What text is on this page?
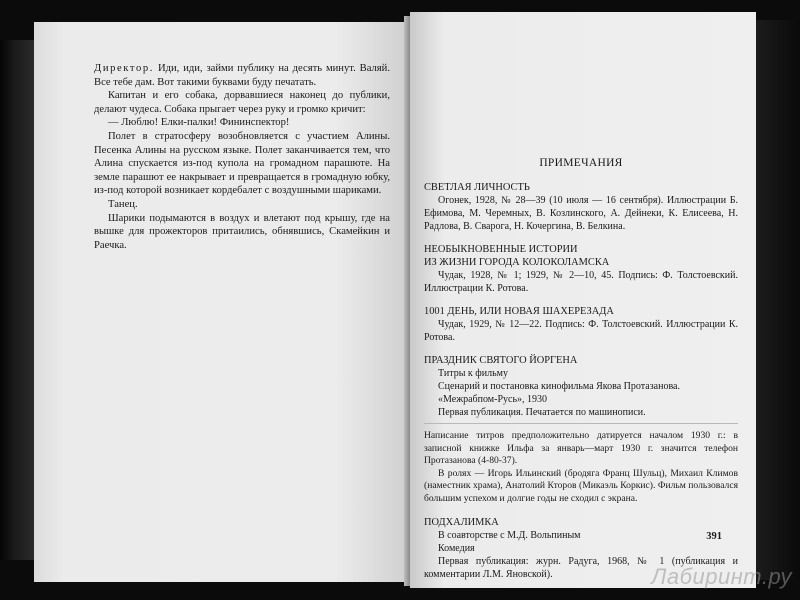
Директор. Иди, иди, займи публику на десять минут. Валяй. Все тебе дам. Вот такими буквами буду печатать.

Капитан и его собака, дорвавшиеся наконец до публики, делают чудеса. Собака прыгает через руку и громко кричит:

— Люблю! Елки-палки! Фининспектор!

Полет в стратосферу возобновляется с участием Алины. Песенка Алины на русском языке. Полет заканчивается тем, что Алина спускается из-под купола на громадном парашюте. На земле парашют ее накрывает и превращается в громадную юбку, из-под которой возникает кордебалет с воздушными шариками.

Танец.

Шарики подымаются в воздух и влетают под крышу, где на вышке для прожекторов притаились, обнявшись, Скамейкин и Раечка.

ПРИМЕЧАНИЯ
СВЕТЛАЯ ЛИЧНОСТЬ

Огонек, 1928, № 28—39 (10 июля — 16 сентября). Иллюстрации Б. Ефимова, М. Черемных, В. Козлинского, А. Дейнеки, К. Елисеева, Н. Радлова, В. Сварога, Н. Кочергина, В. Белкина.

НЕОБЫКНОВЕННЫЕ ИСТОРИИ
ИЗ ЖИЗНИ ГОРОДА КОЛОКОЛАМСКА

Чудак, 1928, № 1; 1929, № 2—10, 45. Подпись: Ф. Толстоевский. Иллюстрации К. Ротова.

1001 ДЕНЬ, ИЛИ НОВАЯ ШАХЕРЕЗАДА

Чудак, 1929, № 12—22. Подпись: Ф. Толстоевский. Иллюстрации К. Ротова.

ПРАЗДНИК СВЯТОГО ЙОРГЕНА

Титры к фильму

Сценарий и постановка кинофильма Якова Протазанова.

«Межрабпом-Русь», 1930

Первая публикация. Печатается по машинописи.

Написание титров предположительно датируется началом 1930 г.: в записной книжке Ильфа за январь—март 1930 г. значится телефон Протазанова (4-80-37).

В ролях — Игорь Ильинский (бродяга Франц Шульц), Михаил Климов (наместник храма), Анатолий Кторов (Микаэль Коркис). Фильм пользовался большим успехом и долгие годы не сходил с экрана.

ПОДХАЛИМКА

В соавторстве с М.Д. Вольпиным

Комедия

Первая публикация: журн. Радуга, 1968, № 1 (публикация и комментарии Л.М. Яновской).

391
Лабиринт.ру
